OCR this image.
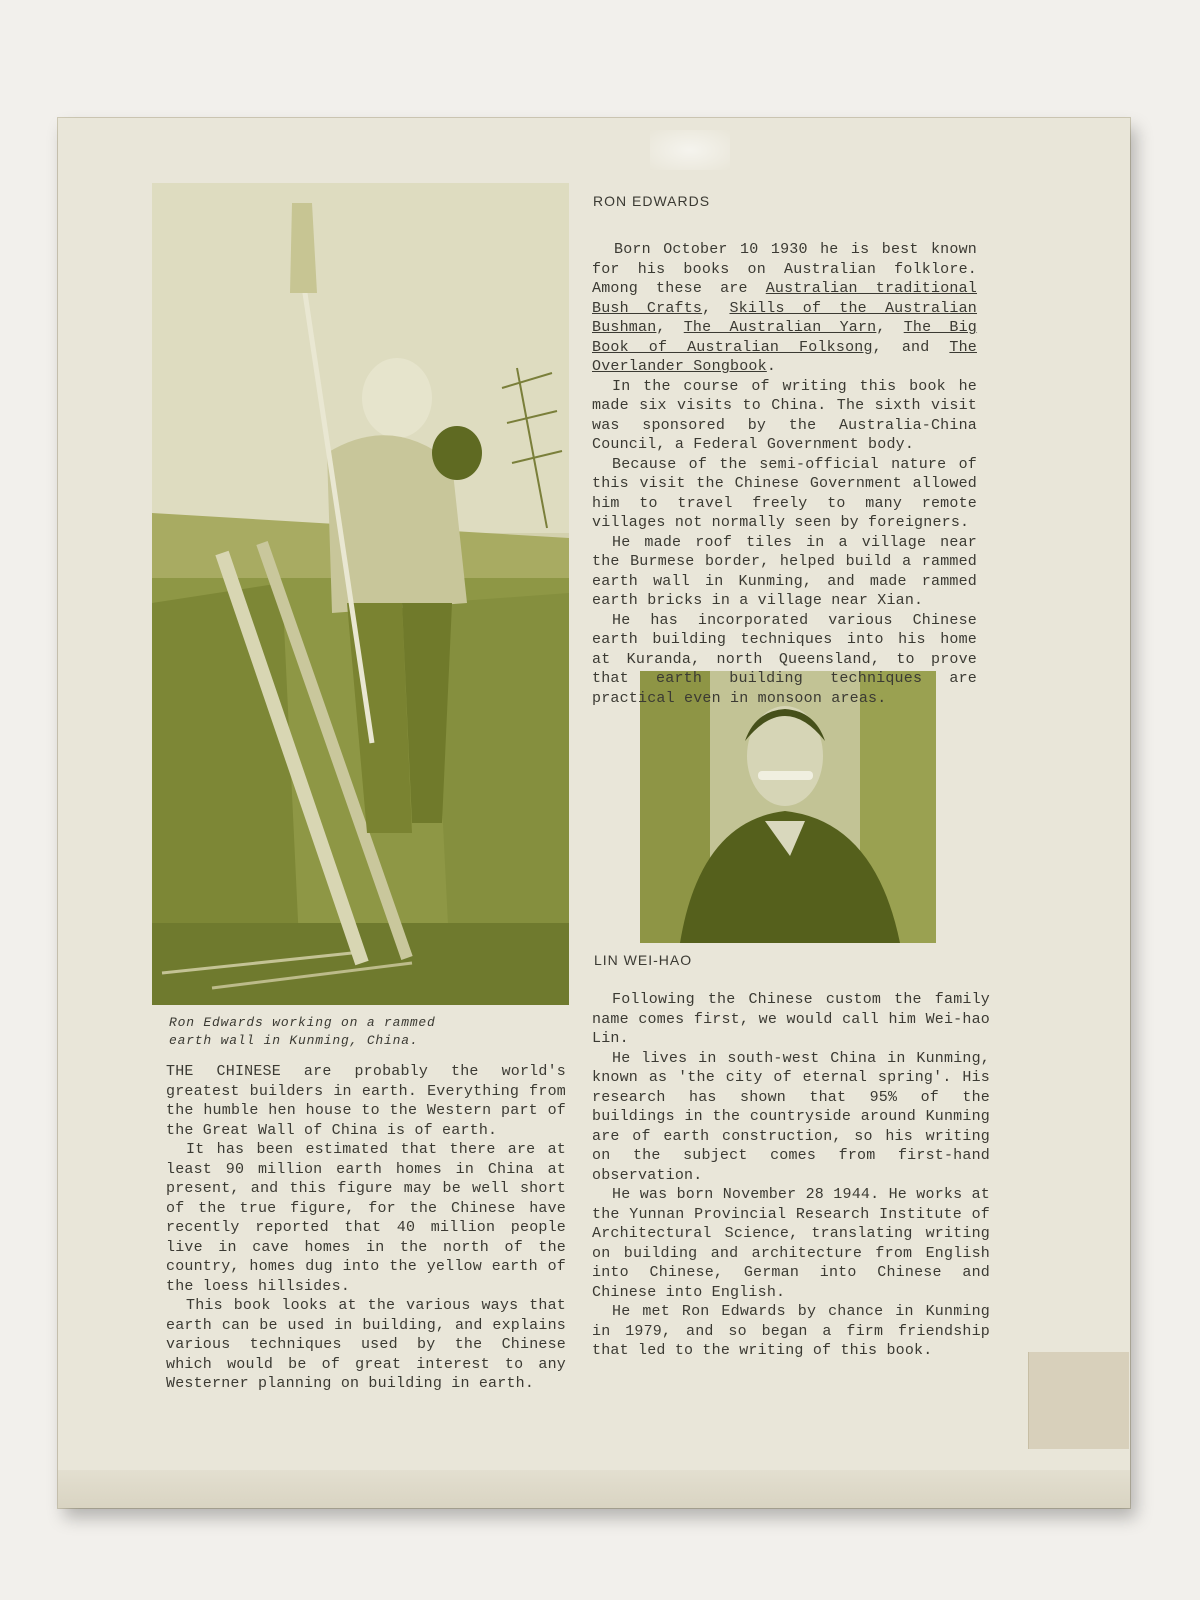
Ron Edwards working on a rammed
earth wall in Kunming, China.
RON EDWARDS

Born October 10 1930 he is best known for his books on Australian folklore. Among these are Australian traditional Bush Crafts, Skills of the Australian Bushman, The Australian Yarn, The Big Book of Australian Folksong, and The Overlander Songbook.

In the course of writing this book he made six visits to China. The sixth visit was sponsored by the Australia-China Council, a Federal Government body.

Because of the semi-official nature of this visit the Chinese Government allowed him to travel freely to many remote villages not normally seen by foreigners.

He made roof tiles in a village near the Burmese border, helped build a rammed earth wall in Kunming, and made rammed earth bricks in a village near Xian.

He has incorporated various Chinese earth building techniques into his home at Kuranda, north Queensland, to prove that earth building techniques are practical even in monsoon areas.

THE CHINESE are probably the world's greatest builders in earth. Everything from the humble hen house to the Western part of the Great Wall of China is of earth.

It has been estimated that there are at least 90 million earth homes in China at present, and this figure may be well short of the true figure, for the Chinese have recently reported that 40 million people live in cave homes in the north of the country, homes dug into the yellow earth of the loess hillsides.

This book looks at the various ways that earth can be used in building, and explains various techniques used by the Chinese which would be of great interest to any Westerner planning on building in earth.

LIN WEI-HAO

Following the Chinese custom the family name comes first, we would call him Wei-hao Lin.

He lives in south-west China in Kunming, known as 'the city of eternal spring'. His research has shown that 95% of the buildings in the countryside around Kunming are of earth construction, so his writing on the subject comes from first-hand observation.

He was born November 28 1944. He works at the Yunnan Provincial Research Institute of Architectural Science, translating writing on building and architecture from English into Chinese, German into Chinese and Chinese into English.

He met Ron Edwards by chance in Kunming in 1979, and so began a firm friendship that led to the writing of this book.
